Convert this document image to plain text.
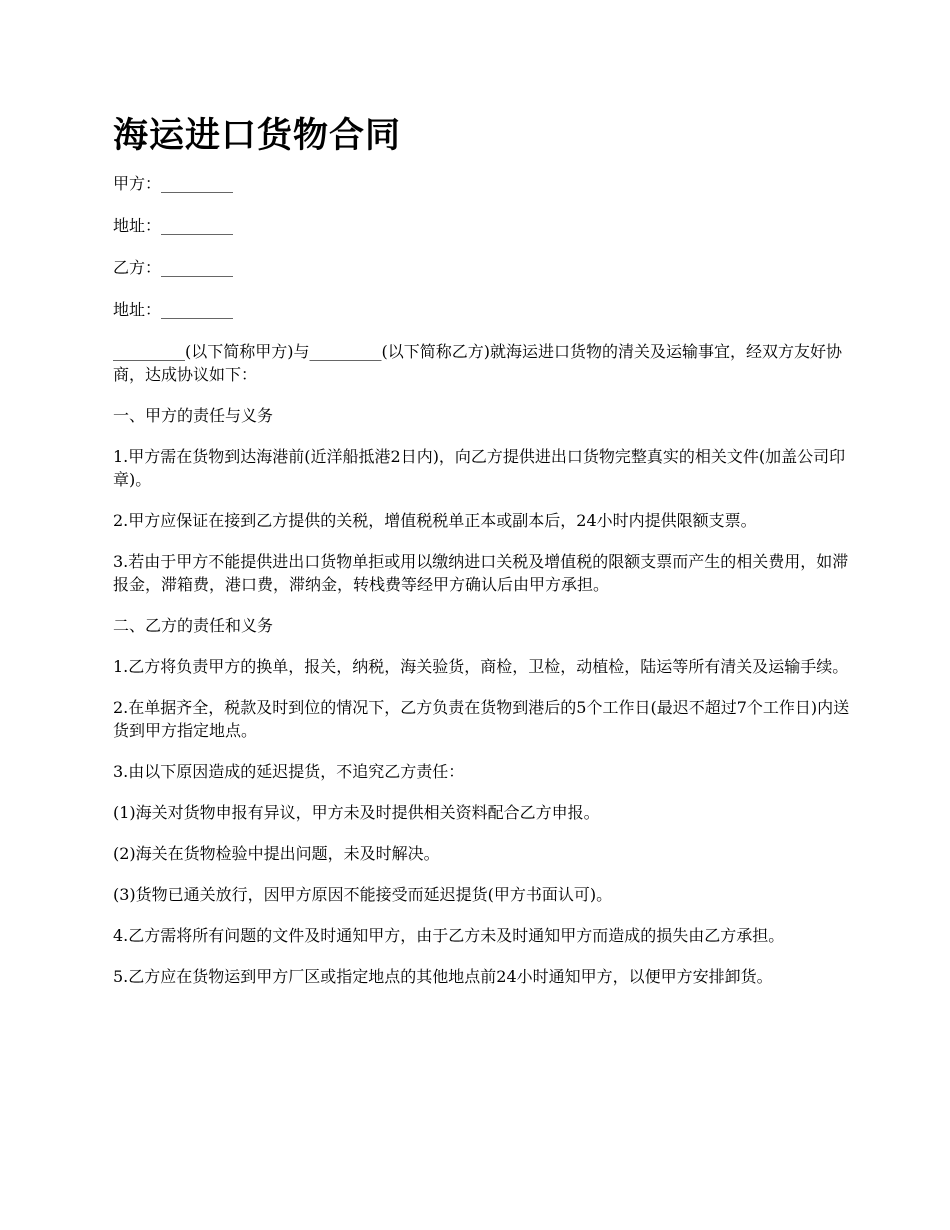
海运进口货物合同

甲方：_________

地址：_________

乙方：_________

地址：_________

_________(以下简称甲方)与_________(以下简称乙方)就海运进口货物的清关及运输事宜，经双方友好协商，达成协议如下：

一、甲方的责任与义务

1.甲方需在货物到达海港前(近洋船抵港2日内)，向乙方提供进出口货物完整真实的相关文件(加盖公司印章)。

2.甲方应保证在接到乙方提供的关税，增值税税单正本或副本后，24小时内提供限额支票。

3.若由于甲方不能提供进出口货物单拒或用以缴纳进口关税及增值税的限额支票而产生的相关费用，如滞报金，滞箱费，港口费，滞纳金，转栈费等经甲方确认后由甲方承担。

二、乙方的责任和义务

1.乙方将负责甲方的换单，报关，纳税，海关验货，商检，卫检，动植检，陆运等所有清关及运输手续。

2.在单据齐全，税款及时到位的情况下，乙方负责在货物到港后的5个工作日(最迟不超过7个工作日)内送货到甲方指定地点。

3.由以下原因造成的延迟提货，不追究乙方责任：

(1)海关对货物申报有异议，甲方未及时提供相关资料配合乙方申报。

(2)海关在货物检验中提出问题，未及时解决。

(3)货物已通关放行，因甲方原因不能接受而延迟提货(甲方书面认可)。

4.乙方需将所有问题的文件及时通知甲方，由于乙方未及时通知甲方而造成的损失由乙方承担。

5.乙方应在货物运到甲方厂区或指定地点的其他地点前24小时通知甲方，以便甲方安排卸货。
